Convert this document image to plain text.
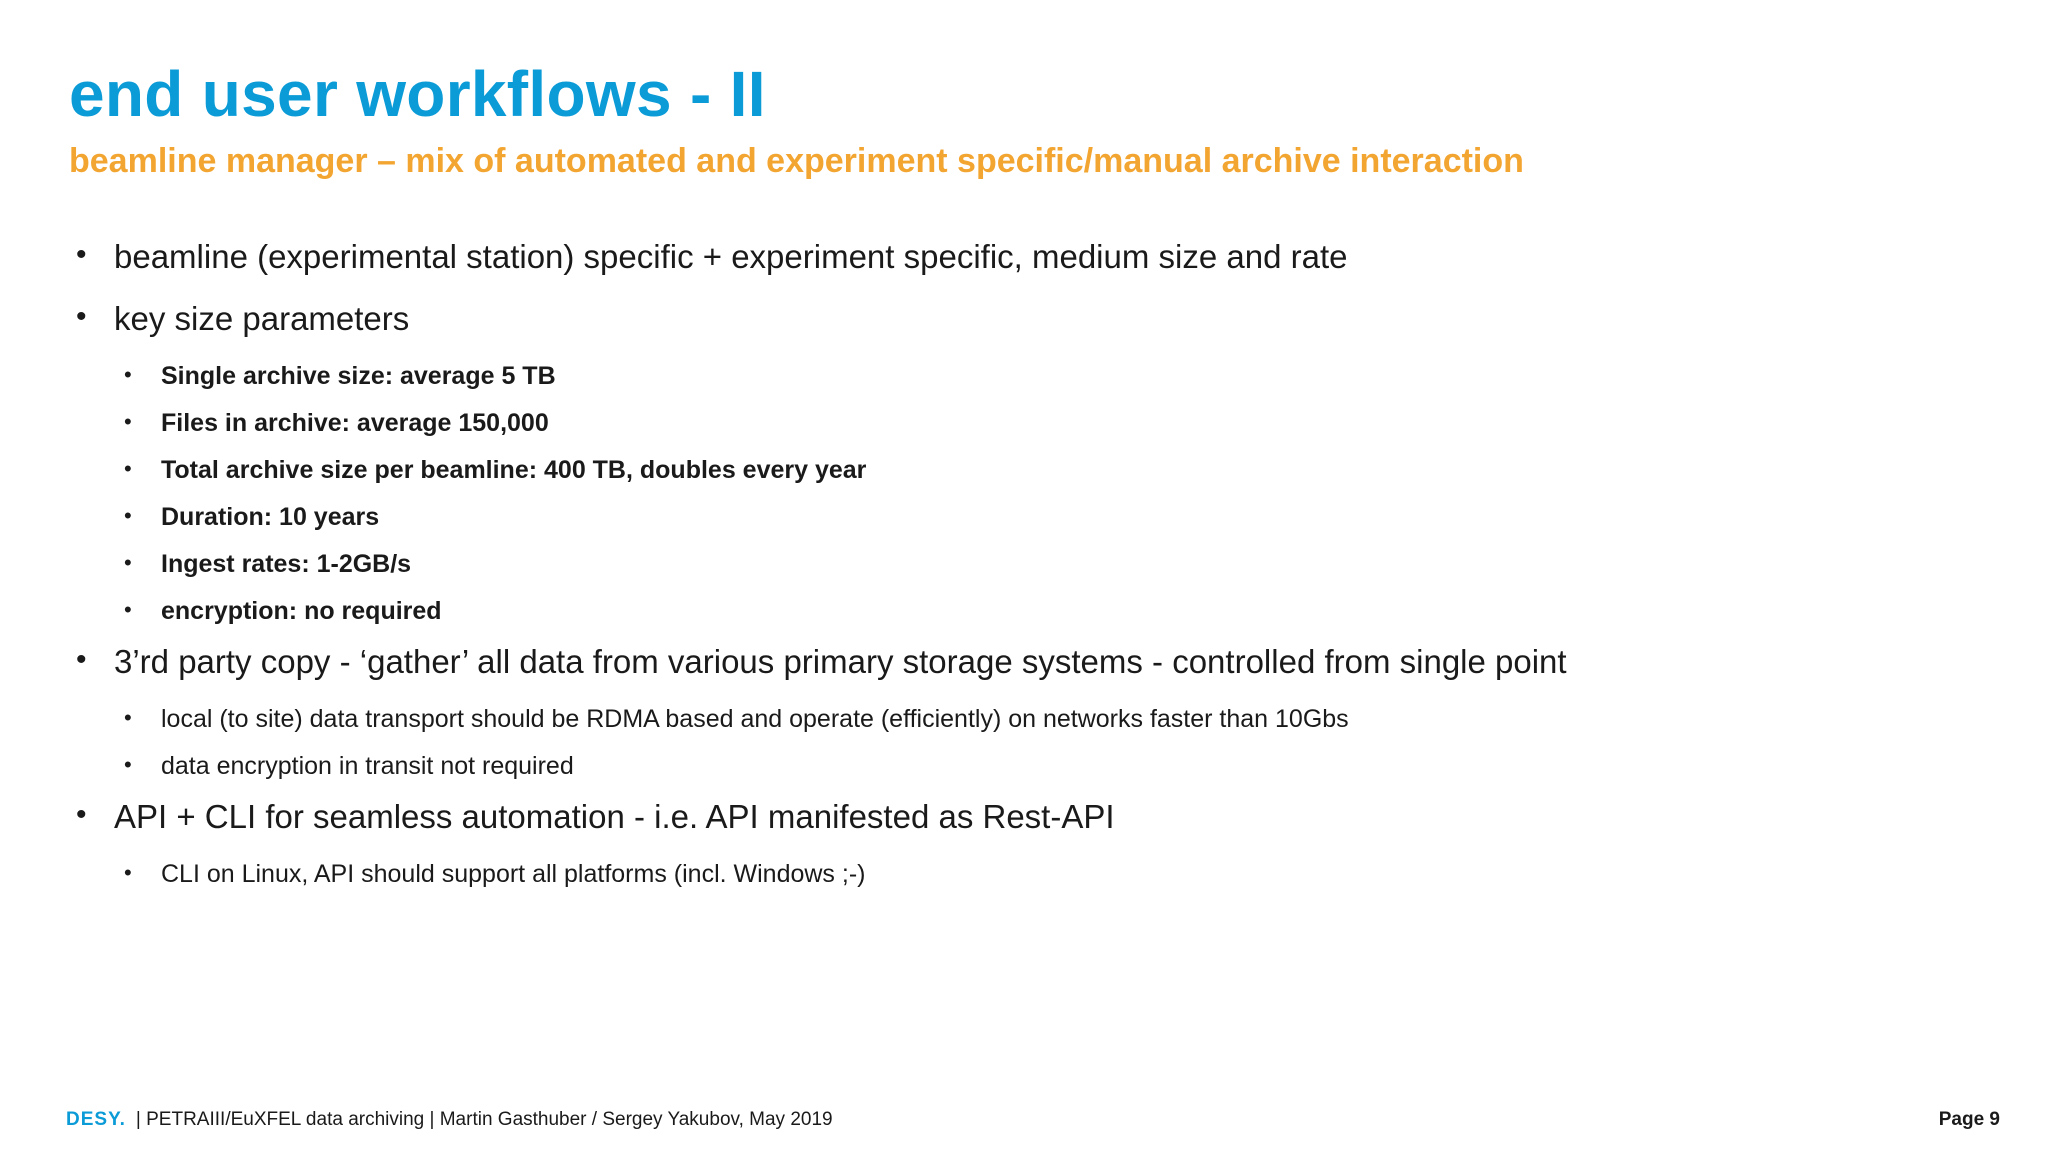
end user workflows - II
beamline manager – mix of automated and experiment specific/manual archive interaction
• beamline (experimental station) specific + experiment specific, medium size and rate
• key size parameters
• Single archive size: average 5 TB
• Files in archive: average 150,000
• Total archive size per beamline: 400 TB, doubles every year
• Duration: 10 years
• Ingest rates: 1-2GB/s
• encryption: no required
• 3’rd party copy - ‘gather’ all data from various primary storage systems - controlled from single point
• local (to site) data transport should be RDMA based and operate (efficiently) on networks faster than 10Gbs
• data encryption in transit not required
• API + CLI for seamless automation - i.e. API manifested as Rest-API
• CLI on Linux, API should support all platforms (incl. Windows ;-)
DESY. | PETRAIII/EuXFEL data archiving | Martin Gasthuber / Sergey Yakubov, May 2019	Page 9
